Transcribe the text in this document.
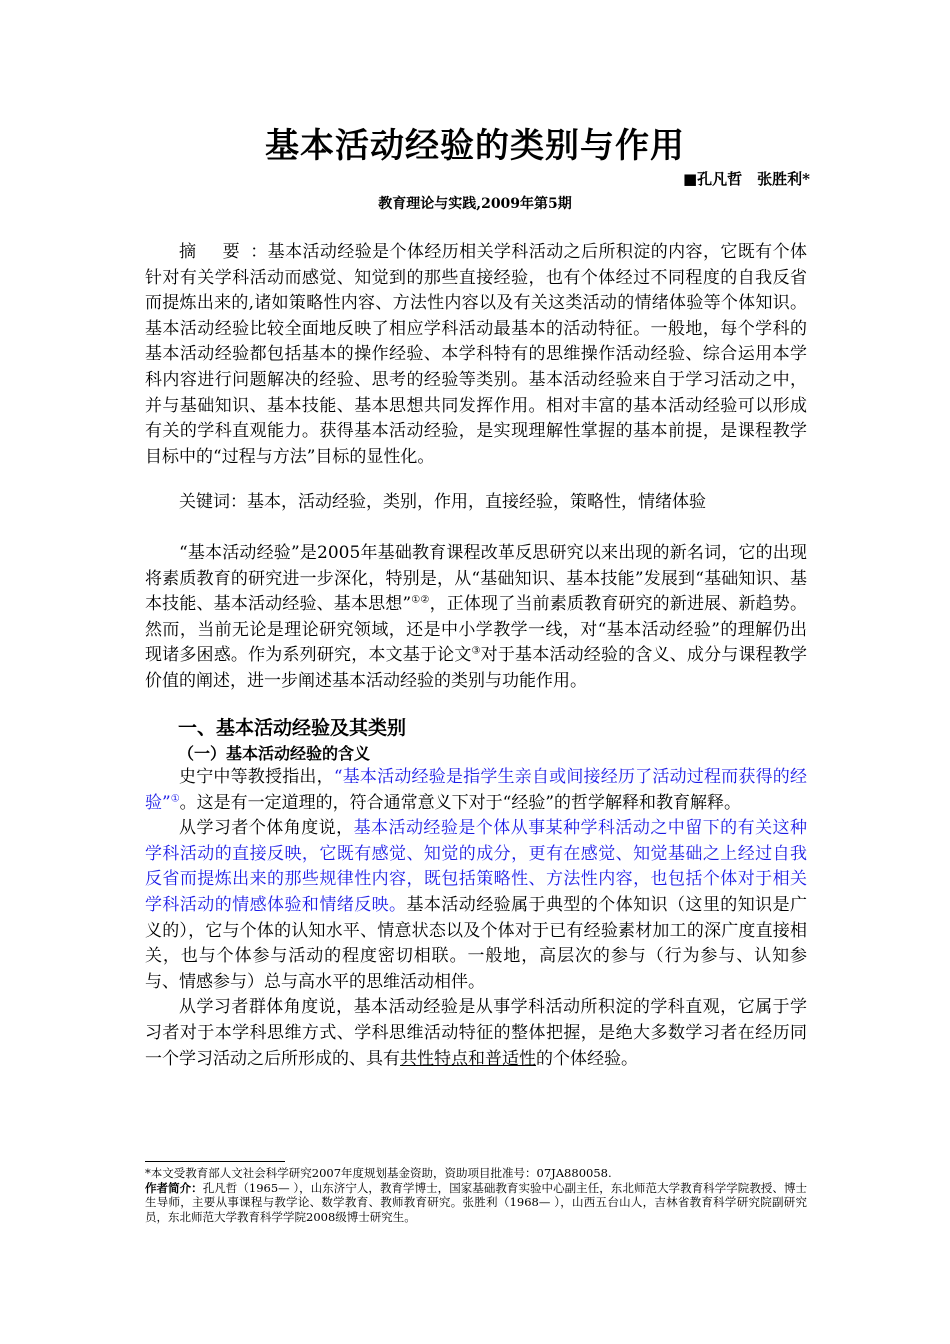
基本活动经验的类别与作用
■孔凡哲　张胜利*
教育理论与实践,2009年第5期

摘 要：基本活动经验是个体经历相关学科活动之后所积淀的内容，它既有个体针对有关学科活动而感觉、知觉到的那些直接经验，也有个体经过不同程度的自我反省而提炼出来的,诸如策略性内容、方法性内容以及有关这类活动的情绪体验等个体知识。基本活动经验比较全面地反映了相应学科活动最基本的活动特征。一般地，每个学科的基本活动经验都包括基本的操作经验、本学科特有的思维操作活动经验、综合运用本学科内容进行问题解决的经验、思考的经验等类别。基本活动经验来自于学习活动之中，并与基础知识、基本技能、基本思想共同发挥作用。相对丰富的基本活动经验可以形成有关的学科直观能力。获得基本活动经验，是实现理解性掌握的基本前提，是课程教学目标中的“过程与方法”目标的显性化。

关键词：基本，活动经验，类别，作用，直接经验，策略性，情绪体验

“基本活动经验”是2005年基础教育课程改革反思研究以来出现的新名词，它的出现将素质教育的研究进一步深化，特别是，从“基础知识、基本技能”发展到“基础知识、基本技能、基本活动经验、基本思想”①②，正体现了当前素质教育研究的新进展、新趋势。然而，当前无论是理论研究领域，还是中小学教学一线，对“基本活动经验”的理解仍出现诸多困惑。作为系列研究，本文基于论文③对于基本活动经验的含义、成分与课程教学价值的阐述，进一步阐述基本活动经验的类别与功能作用。

一、基本活动经验及其类别
（一）基本活动经验的含义

史宁中等教授指出，“基本活动经验是指学生亲自或间接经历了活动过程而获得的经验”①。这是有一定道理的，符合通常意义下对于“经验”的哲学解释和教育解释。

从学习者个体角度说，基本活动经验是个体从事某种学科活动之中留下的有关这种学科活动的直接反映，它既有感觉、知觉的成分，更有在感觉、知觉基础之上经过自我反省而提炼出来的那些规律性内容，既包括策略性、方法性内容，也包括个体对于相关学科活动的情感体验和情绪反映。基本活动经验属于典型的个体知识（这里的知识是广义的），它与个体的认知水平、情意状态以及个体对于已有经验素材加工的深广度直接相关，也与个体参与活动的程度密切相联。一般地，高层次的参与（行为参与、认知参与、情感参与）总与高水平的思维活动相伴。

从学习者群体角度说，基本活动经验是从事学科活动所积淀的学科直观，它属于学习者对于本学科思维方式、学科思维活动特征的整体把握，是绝大多数学习者在经历同一个学习活动之后所形成的、具有共性特点和普适性的个体经验。

*本文受教育部人文社会科学研究2007年度规划基金资助，资助项目批准号：07JA880058.

作者简介：孔凡哲（1965— ），山东济宁人，教育学博士，国家基础教育实验中心副主任，东北师范大学教育科学学院教授、博士生导师，主要从事课程与教学论、数学教育、教师教育研究。张胜利（1968— ），山西五台山人，吉林省教育科学研究院副研究员，东北师范大学教育科学学院2008级博士研究生。
